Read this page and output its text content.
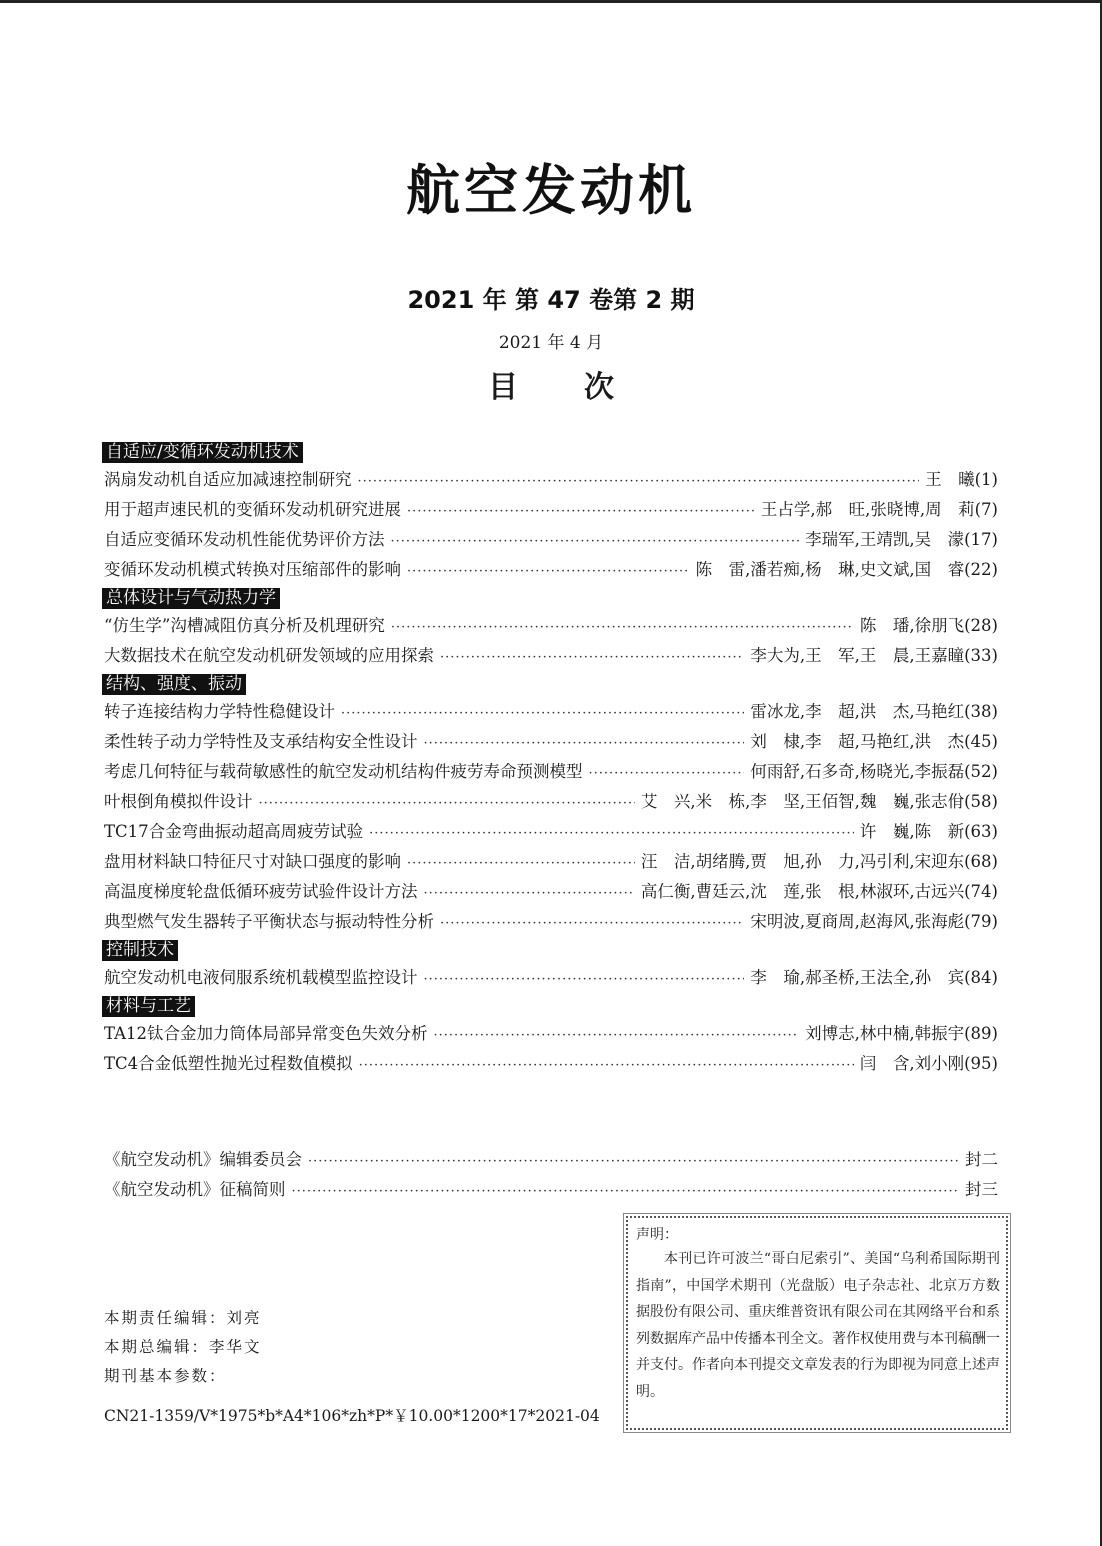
航空发动机
2021 年 第 47 卷第 2 期
2021 年 4 月
目次
自适应/变循环发动机技术
涡扇发动机自适应加减速控制研究 ·····	王　曦 (1)
用于超声速民机的变循环发动机研究进展 ·····	王占学,郝　旺,张晓博,周　莉 (7)
自适应变循环发动机性能优势评价方法 ·····	李瑞军,王靖凯,吴　濛 (17)
变循环发动机模式转换对压缩部件的影响 ·····	陈　雷,潘若痴,杨　琳,史文斌,国　睿 (22)
总体设计与气动热力学
“仿生学”沟槽减阻仿真分析及机理研究 ·····	陈　璠,徐朋飞 (28)
大数据技术在航空发动机研发领域的应用探索 ·····	李大为,王　军,王　晨,王嘉瞳 (33)
结构、强度、振动
转子连接结构力学特性稳健设计 ·····	雷冰龙,李　超,洪　杰,马艳红 (38)
柔性转子动力学特性及支承结构安全性设计 ·····	刘　棣,李　超,马艳红,洪　杰 (45)
考虑几何特征与载荷敏感性的航空发动机结构件疲劳寿命预测模型 ·····	何雨舒,石多奇,杨晓光,李振磊 (52)
叶根倒角模拟件设计 ·····	艾　兴,米　栋,李　坚,王佰智,魏　巍,张志佾 (58)
TC17合金弯曲振动超高周疲劳试验 ·····	许　巍,陈　新 (63)
盘用材料缺口特征尺寸对缺口强度的影响 ·····	汪　洁,胡绪腾,贾　旭,孙　力,冯引利,宋迎东 (68)
高温度梯度轮盘低循环疲劳试验件设计方法 ·····	高仁衡,曹廷云,沈　莲,张　根,林淑环,古远兴 (74)
典型燃气发生器转子平衡状态与振动特性分析 ·····	宋明波,夏商周,赵海风,张海彪 (79)
控制技术
航空发动机电液伺服系统机载模型监控设计 ·····	李　瑜,郝圣桥,王法全,孙　宾 (84)
材料与工艺
TA12钛合金加力筒体局部异常变色失效分析 ·····	刘博志,林中楠,韩振宇 (89)
TC4合金低塑性抛光过程数值模拟 ·····	闫　含,刘小刚 (95)
《航空发动机》编辑委员会 ·····	封二
《航空发动机》征稿简则 ·····	封三
声明：
本刊已许可波兰“哥白尼索引”、美国“乌利希国际期刊指南”，中国学术期刊（光盘版）电子杂志社、北京万方数据股份有限公司、重庆维普资讯有限公司在其网络平台和系列数据库产品中传播本刊全文。著作权使用费与本刊稿酬一并支付。作者向本刊提交文章发表的行为即视为同意上述声明。
本期责任编辑：刘亮
本期总编辑：李华文
期刊基本参数：
CN21-1359/V*1975*b*A4*106*zh*P*￥10.00*1200*17*2021-04
